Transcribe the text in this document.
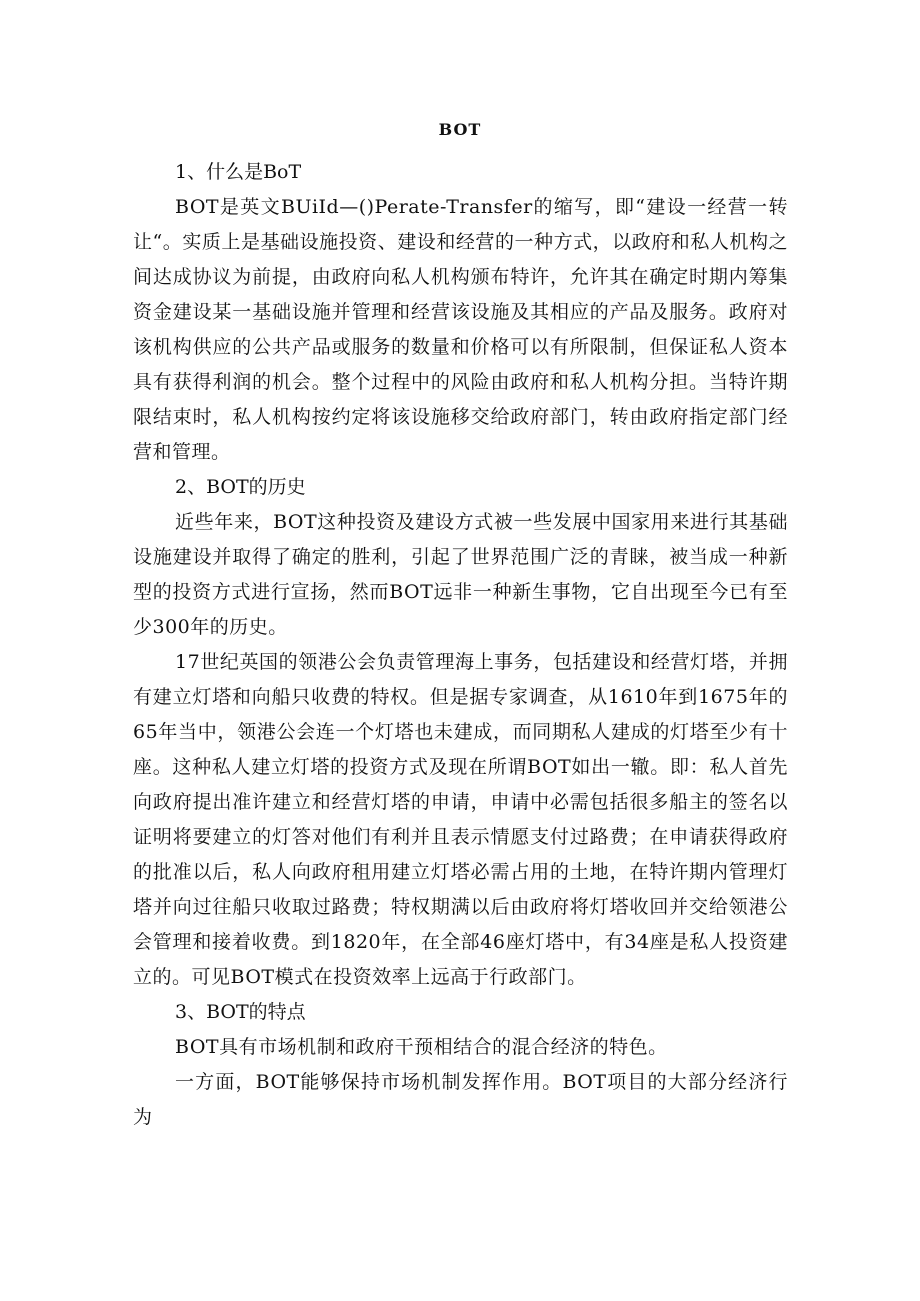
BOT

1、什么是BoT

BOT是英文BUiId—()Perate-Transfer的缩写，即“建设一经营一转让“。实质上是基础设施投资、建设和经营的一种方式，以政府和私人机构之间达成协议为前提，由政府向私人机构颁布特许，允许其在确定时期内筹集资金建设某一基础设施并管理和经营该设施及其相应的产品及服务。政府对该机构供应的公共产品或服务的数量和价格可以有所限制，但保证私人资本具有获得利润的机会。整个过程中的风险由政府和私人机构分担。当特许期限结束时，私人机构按约定将该设施移交给政府部门，转由政府指定部门经营和管理。

2、BOT的历史

近些年来，BOT这种投资及建设方式被一些发展中国家用来进行其基础设施建设并取得了确定的胜利，引起了世界范围广泛的青睐，被当成一种新型的投资方式进行宣扬，然而BOT远非一种新生事物，它自出现至今已有至少300年的历史。

17世纪英国的领港公会负责管理海上事务，包括建设和经营灯塔，并拥有建立灯塔和向船只收费的特权。但是据专家调查，从1610年到1675年的65年当中，领港公会连一个灯塔也未建成，而同期私人建成的灯塔至少有十座。这种私人建立灯塔的投资方式及现在所谓BOT如出一辙。即：私人首先向政府提出准许建立和经营灯塔的申请，申请中必需包括很多船主的签名以证明将要建立的灯答对他们有利并且表示情愿支付过路费；在申请获得政府的批准以后，私人向政府租用建立灯塔必需占用的土地，在特许期内管理灯塔并向过往船只收取过路费；特权期满以后由政府将灯塔收回并交给领港公会管理和接着收费。到1820年，在全部46座灯塔中，有34座是私人投资建立的。可见BOT模式在投资效率上远高于行政部门。

3、BOT的特点

BOT具有市场机制和政府干预相结合的混合经济的特色。

一方面，BOT能够保持市场机制发挥作用。BOT项目的大部分经济行为
